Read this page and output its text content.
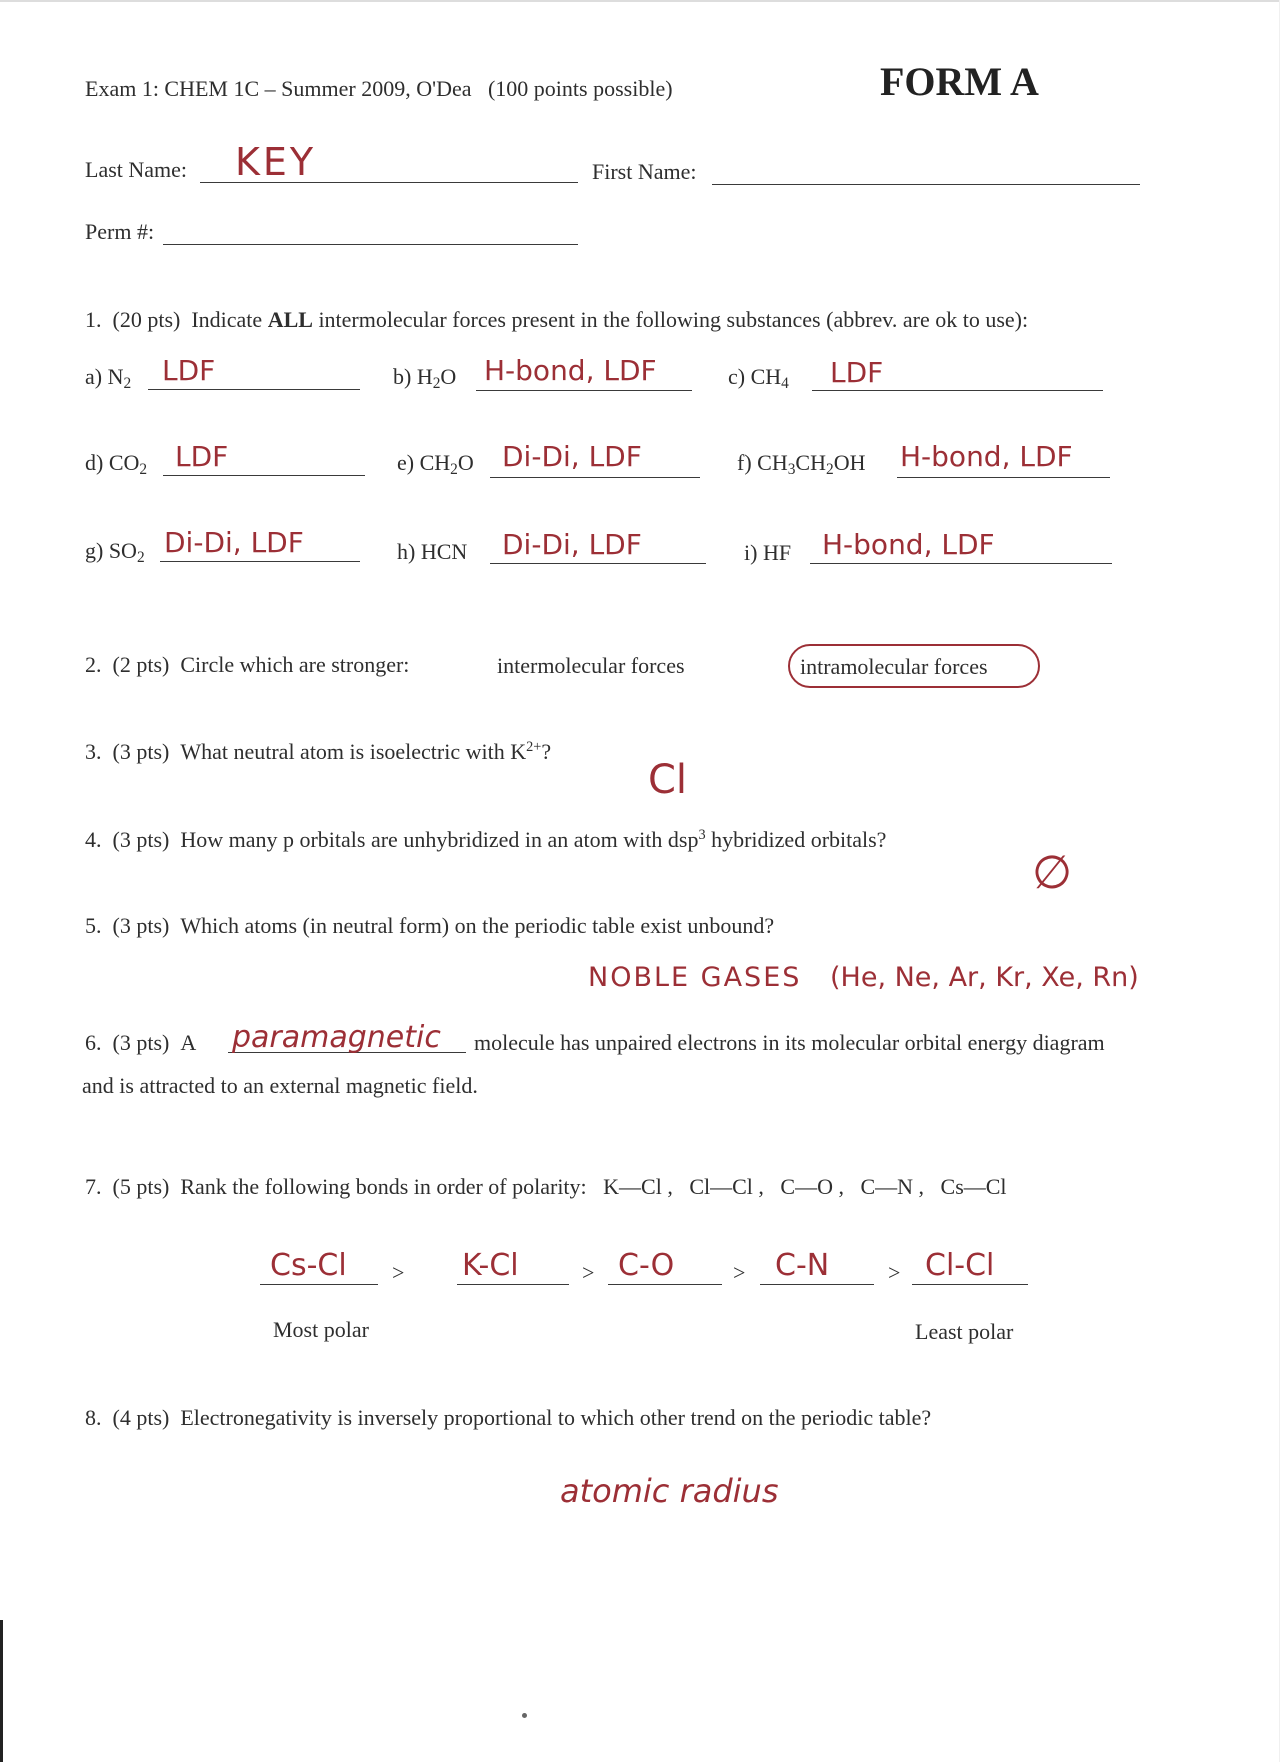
Exam 1: CHEM 1C – Summer 2009, O'Dea (100 points possible)	FORM A
Last Name: KEY	First Name:
Perm #:
1. (20 pts) Indicate ALL intermolecular forces present in the following substances (abbrev. are ok to use):
a) $N_2$ LDF	b) $H_2O$ H-bond, LDF	c) $CH_4$ LDF
d) $CO_2$ LDF	e) $CH_2O$ Di-Di, LDF	f) $CH_3CH_2OH$ H-bond, LDF
g) $SO_2$ Di-Di, LDF	h) HCN Di-Di, LDF	i) HF H-bond, LDF
2. (2 pts) Circle which are stronger:	intermolecular forces	intramolecular forces
3. (3 pts) What neutral atom is isoelectric with $K^{2+}$?
Cl
4. (3 pts) How many p orbitals are unhybridized in an atom with dsp$^3$ hybridized orbitals?
∅
5. (3 pts) Which atoms (in neutral form) on the periodic table exist unbound?
NOBLE GASES (He, Ne, Ar, Kr, Xe, Rn)
6. (3 pts) A paramagnetic molecule has unpaired electrons in its molecular orbital energy diagram
and is attracted to an external magnetic field.
7. (5 pts) Rank the following bonds in order of polarity: K—Cl ,   Cl—Cl ,   C—O ,   C—N ,   Cs—Cl
Cs-Cl > K-Cl	> C-O	> C-N	> Cl-Cl
Most polar	Least polar
8. (4 pts) Electronegativity is inversely proportional to which other trend on the periodic table?
atomic radius
